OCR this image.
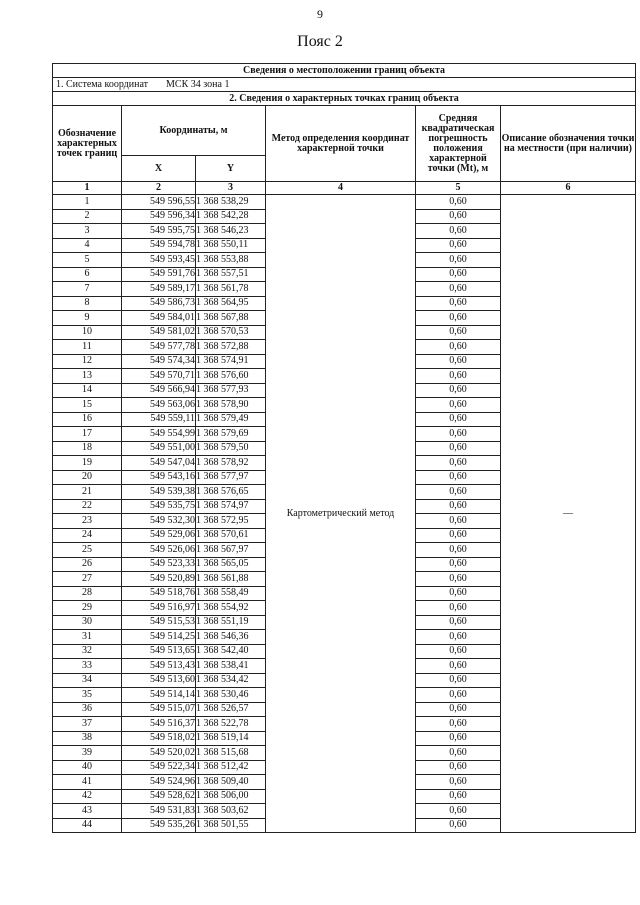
9
Пояс 2
Сведения о местоположении границ объекта					
1. Система координат МСК 34 зона 1					
2. Сведения о характерных точках границ объекта					
Обозначение характерных точек границ	Координаты, м		Метод определения координат характерной точки	Средняя квадратическая погрешность положения характерной точки (Mt), м	Описание обозначения точки на местности (при наличии)
	X	Y			
1	2	3	4	5	6
1	549 596,55	1 368 538,29	Картометрический метод	0,60	—
2	549 596,34	1 368 542,28		0,60	
3	549 595,75	1 368 546,23		0,60	
4	549 594,78	1 368 550,11		0,60	
5	549 593,45	1 368 553,88		0,60	
6	549 591,76	1 368 557,51		0,60	
7	549 589,17	1 368 561,78		0,60	
8	549 586,73	1 368 564,95		0,60	
9	549 584,01	1 368 567,88		0,60	
10	549 581,02	1 368 570,53		0,60	
11	549 577,78	1 368 572,88		0,60	
12	549 574,34	1 368 574,91		0,60	
13	549 570,71	1 368 576,60		0,60	
14	549 566,94	1 368 577,93		0,60	
15	549 563,06	1 368 578,90		0,60	
16	549 559,11	1 368 579,49		0,60	
17	549 554,99	1 368 579,69		0,60	
18	549 551,00	1 368 579,50		0,60	
19	549 547,04	1 368 578,92		0,60	
20	549 543,16	1 368 577,97		0,60	
21	549 539,38	1 368 576,65		0,60	
22	549 535,75	1 368 574,97		0,60	
23	549 532,30	1 368 572,95		0,60	
24	549 529,06	1 368 570,61		0,60	
25	549 526,06	1 368 567,97		0,60	
26	549 523,33	1 368 565,05		0,60	
27	549 520,89	1 368 561,88		0,60	
28	549 518,76	1 368 558,49		0,60	
29	549 516,97	1 368 554,92		0,60	
30	549 515,53	1 368 551,19		0,60	
31	549 514,25	1 368 546,36		0,60	
32	549 513,65	1 368 542,40		0,60	
33	549 513,43	1 368 538,41		0,60	
34	549 513,60	1 368 534,42		0,60	
35	549 514,14	1 368 530,46		0,60	
36	549 515,07	1 368 526,57		0,60	
37	549 516,37	1 368 522,78		0,60	
38	549 518,02	1 368 519,14		0,60	
39	549 520,02	1 368 515,68		0,60	
40	549 522,34	1 368 512,42		0,60	
41	549 524,96	1 368 509,40		0,60	
42	549 528,62	1 368 506,00		0,60	
43	549 531,83	1 368 503,62		0,60	
44	549 535,26	1 368 501,55		0,60	
